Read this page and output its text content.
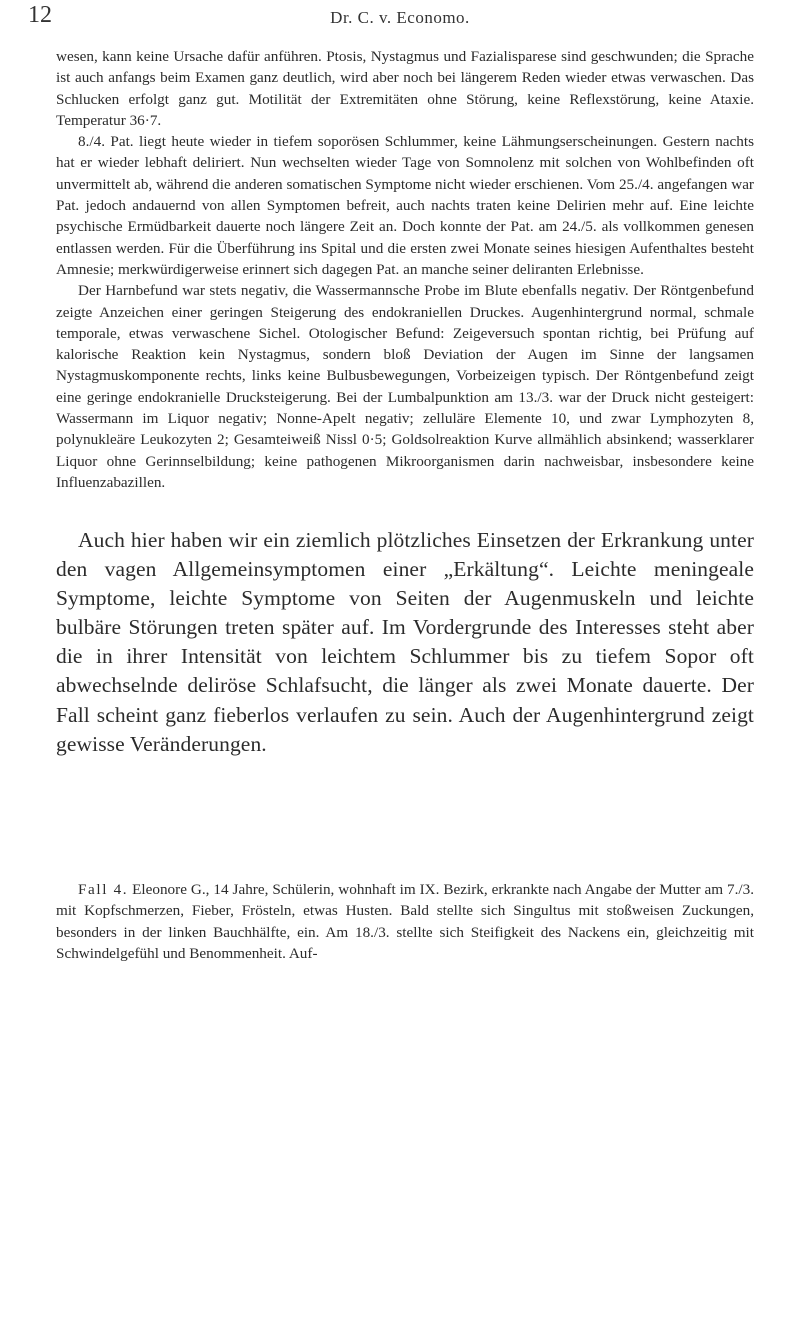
12	Dr. C. v. Economo.

wesen, kann keine Ursache dafür anführen. Ptosis, Nystagmus und Fazialisparese sind geschwunden; die Sprache ist auch anfangs beim Examen ganz deutlich, wird aber noch bei längerem Reden wieder etwas verwaschen. Das Schlucken erfolgt ganz gut. Motilität der Extremitäten ohne Störung, keine Reflexstörung, keine Ataxie. Temperatur 36·7.

8./4. Pat. liegt heute wieder in tiefem soporösen Schlummer, keine Lähmungserscheinungen. Gestern nachts hat er wieder lebhaft deliriert. Nun wechselten wieder Tage von Somnolenz mit solchen von Wohlbefinden oft unvermittelt ab, während die anderen somatischen Symptome nicht wieder erschienen. Vom 25./4. angefangen war Pat. jedoch andauernd von allen Symptomen befreit, auch nachts traten keine Delirien mehr auf. Eine leichte psychische Ermüdbarkeit dauerte noch längere Zeit an. Doch konnte der Pat. am 24./5. als vollkommen genesen entlassen werden. Für die Überführung ins Spital und die ersten zwei Monate seines hiesigen Aufenthaltes besteht Amnesie; merkwürdigerweise erinnert sich dagegen Pat. an manche seiner deliranten Erlebnisse.

Der Harnbefund war stets negativ, die Wassermannsche Probe im Blute ebenfalls negativ. Der Röntgenbefund zeigte Anzeichen einer geringen Steigerung des endokraniellen Druckes. Augenhintergrund normal, schmale temporale, etwas verwaschene Sichel. Otologischer Befund: Zeigeversuch spontan richtig, bei Prüfung auf kalorische Reaktion kein Nystagmus, sondern bloß Deviation der Augen im Sinne der langsamen Nystagmuskomponente rechts, links keine Bulbusbewegungen, Vorbeizeigen typisch. Der Röntgenbefund zeigt eine geringe endokranielle Drucksteigerung. Bei der Lumbalpunktion am 13./3. war der Druck nicht gesteigert: Wassermann im Liquor negativ; Nonne-Apelt negativ; zelluläre Elemente 10, und zwar Lymphozyten 8, polynukleäre Leukozyten 2; Gesamteiweiß Nissl 0·5; Goldsolreaktion Kurve allmählich absinkend; wasserklarer Liquor ohne Gerinnselbildung; keine pathogenen Mikroorganismen darin nachweisbar, insbesondere keine Influenzabazillen.

Auch hier haben wir ein ziemlich plötzliches Einsetzen der Erkrankung unter den vagen Allgemeinsymptomen einer „Erkältung“. Leichte meningeale Symptome, leichte Symptome von Seiten der Augenmuskeln und leichte bulbäre Störungen treten später auf. Im Vordergrunde des Interesses steht aber die in ihrer Intensität von leichtem Schlummer bis zu tiefem Sopor oft abwechselnde deliröse Schlafsucht, die länger als zwei Monate dauerte. Der Fall scheint ganz fieberlos verlaufen zu sein. Auch der Augenhintergrund zeigt gewisse Veränderungen.

Fall 4. Eleonore G., 14 Jahre, Schülerin, wohnhaft im IX. Bezirk, erkrankte nach Angabe der Mutter am 7./3. mit Kopfschmerzen, Fieber, Frösteln, etwas Husten. Bald stellte sich Singultus mit stoßweisen Zuckungen, besonders in der linken Bauchhälfte, ein. Am 18./3. stellte sich Steifigkeit des Nackens ein, gleichzeitig mit Schwindelgefühl und Benommenheit. Auf-
